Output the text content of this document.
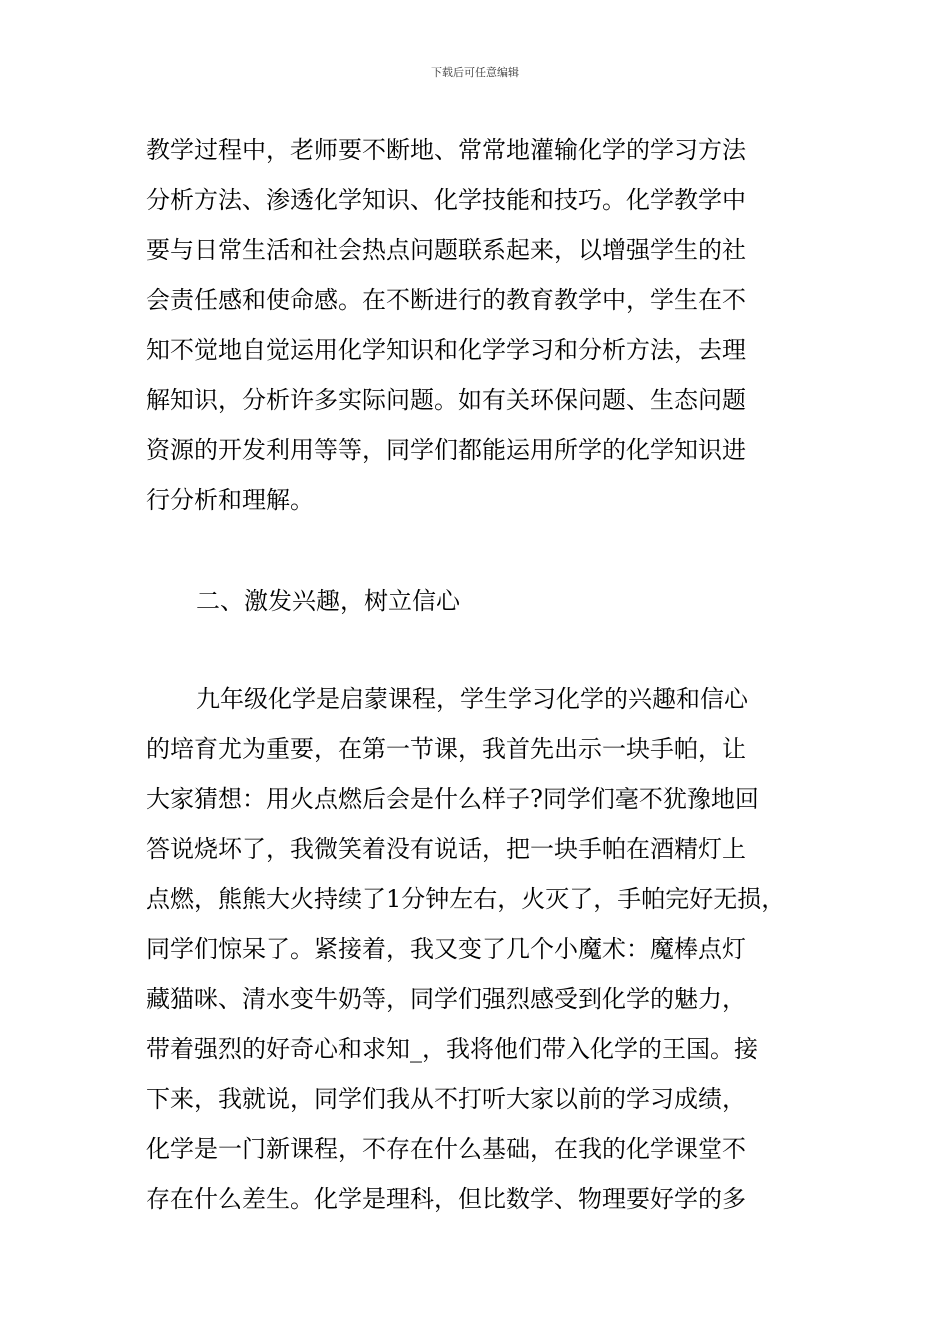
下载后可任意编辑
教学过程中，老师要不断地、常常地灌输化学的学习方法
分析方法、渗透化学知识、化学技能和技巧。化学教学中
要与日常生活和社会热点问题联系起来，以增强学生的社
会责任感和使命感。在不断进行的教育教学中，学生在不
知不觉地自觉运用化学知识和化学学习和分析方法，去理
解知识，分析许多实际问题。如有关环保问题、生态问题
资源的开发利用等等，同学们都能运用所学的化学知识进
行分析和理解。
二、激发兴趣，树立信心
九年级化学是启蒙课程，学生学习化学的兴趣和信心
的培育尤为重要，在第一节课，我首先出示一块手帕，让
大家猜想：用火点燃后会是什么样子?同学们毫不犹豫地回
答说烧坏了，我微笑着没有说话，把一块手帕在酒精灯上
点燃，熊熊大火持续了1分钟左右，火灭了，手帕完好无损，
同学们惊呆了。紧接着，我又变了几个小魔术：魔棒点灯
藏猫咪、清水变牛奶等，同学们强烈感受到化学的魅力，
带着强烈的好奇心和求知_，我将他们带入化学的王国。接
下来，我就说，同学们我从不打听大家以前的学习成绩，
化学是一门新课程，不存在什么基础，在我的化学课堂不
存在什么差生。化学是理科，但比数学、物理要好学的多
